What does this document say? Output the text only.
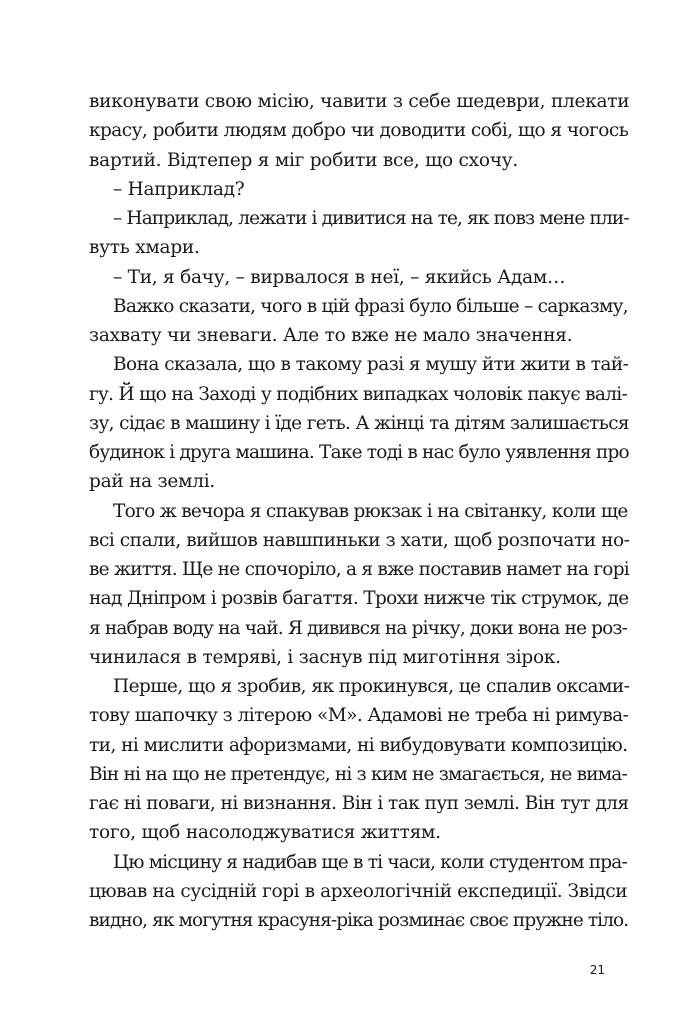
виконувати свою місію, чавити з себе шедеври, плекати
красу, робити людям добро чи доводити собі, що я чогось
вартий. Відтепер я міг робити все, що схочу.
– Наприклад?
– Наприклад, лежати і дивитися на те, як повз мене пли-
вуть хмари.
– Ти, я бачу, – вирвалося в неї, – якийсь Адам…
Важко сказати, чого в цій фразі було більше – сарказму,
захвату чи зневаги. Але то вже не мало значення.
Вона сказала, що в такому разі я мушу йти жити в тай-
гу. Й що на Заході у подібних випадках чоловік пакує валі-
зу, сідає в машину і їде геть. А жінці та дітям залишається
будинок і друга машина. Таке тоді в нас було уявлення про
рай на землі.
Того ж вечора я спакував рюкзак і на світанку, коли ще
всі спали, вийшов навшпиньки з хати, щоб розпочати но-
ве життя. Ще не спочоріло, а я вже поставив намет на горі
над Дніпром і розвів багаття. Трохи нижче тік струмок, де
я набрав воду на чай. Я дивився на річку, доки вона не роз-
чинилася в темряві, і заснув під миготіння зірок.
Перше, що я зробив, як прокинувся, це спалив оксами-
тову шапочку з літерою «М». Адамові не треба ні римува-
ти, ні мислити афоризмами, ні вибудовувати композицію.
Він ні на що не претендує, ні з ким не змагається, не вима-
гає ні поваги, ні визнання. Він і так пуп землі. Він тут для
того, щоб насолоджуватися життям.
Цю місцину я надибав ще в ті часи, коли студентом пра-
цював на сусідній горі в археологічній експедиції. Звідси
видно, як могутня красуня-ріка розминає своє пружне тіло.
21
